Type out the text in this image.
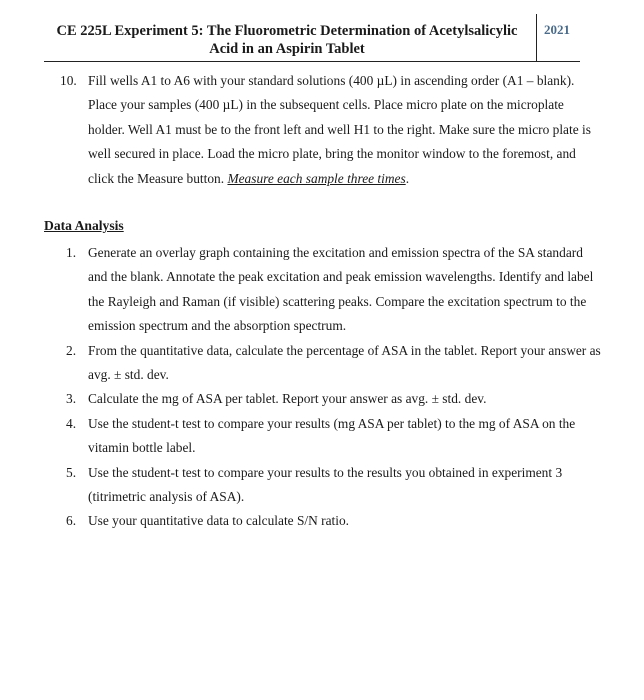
CE 225L Experiment 5: The Fluorometric Determination of Acetylsalicylic
Acid in an Aspirin Tablet
2021
10. Fill wells A1 to A6 with your standard solutions (400 µL) in ascending order (A1 – blank). Place your samples (400 µL) in the subsequent cells. Place micro plate on the microplate holder. Well A1 must be to the front left and well H1 to the right. Make sure the micro plate is well secured in place. Load the micro plate, bring the monitor window to the foremost, and click the Measure button. Measure each sample three times.
Data Analysis
1. Generate an overlay graph containing the excitation and emission spectra of the SA standard and the blank. Annotate the peak excitation and peak emission wavelengths. Identify and label the Rayleigh and Raman (if visible) scattering peaks. Compare the excitation spectrum to the emission spectrum and the absorption spectrum.
2. From the quantitative data, calculate the percentage of ASA in the tablet. Report your answer as avg. ± std. dev.
3. Calculate the mg of ASA per tablet. Report your answer as avg. ± std. dev.
4. Use the student-t test to compare your results (mg ASA per tablet) to the mg of ASA on the vitamin bottle label.
5. Use the student-t test to compare your results to the results you obtained in experiment 3 (titrimetric analysis of ASA).
6. Use your quantitative data to calculate S/N ratio.
